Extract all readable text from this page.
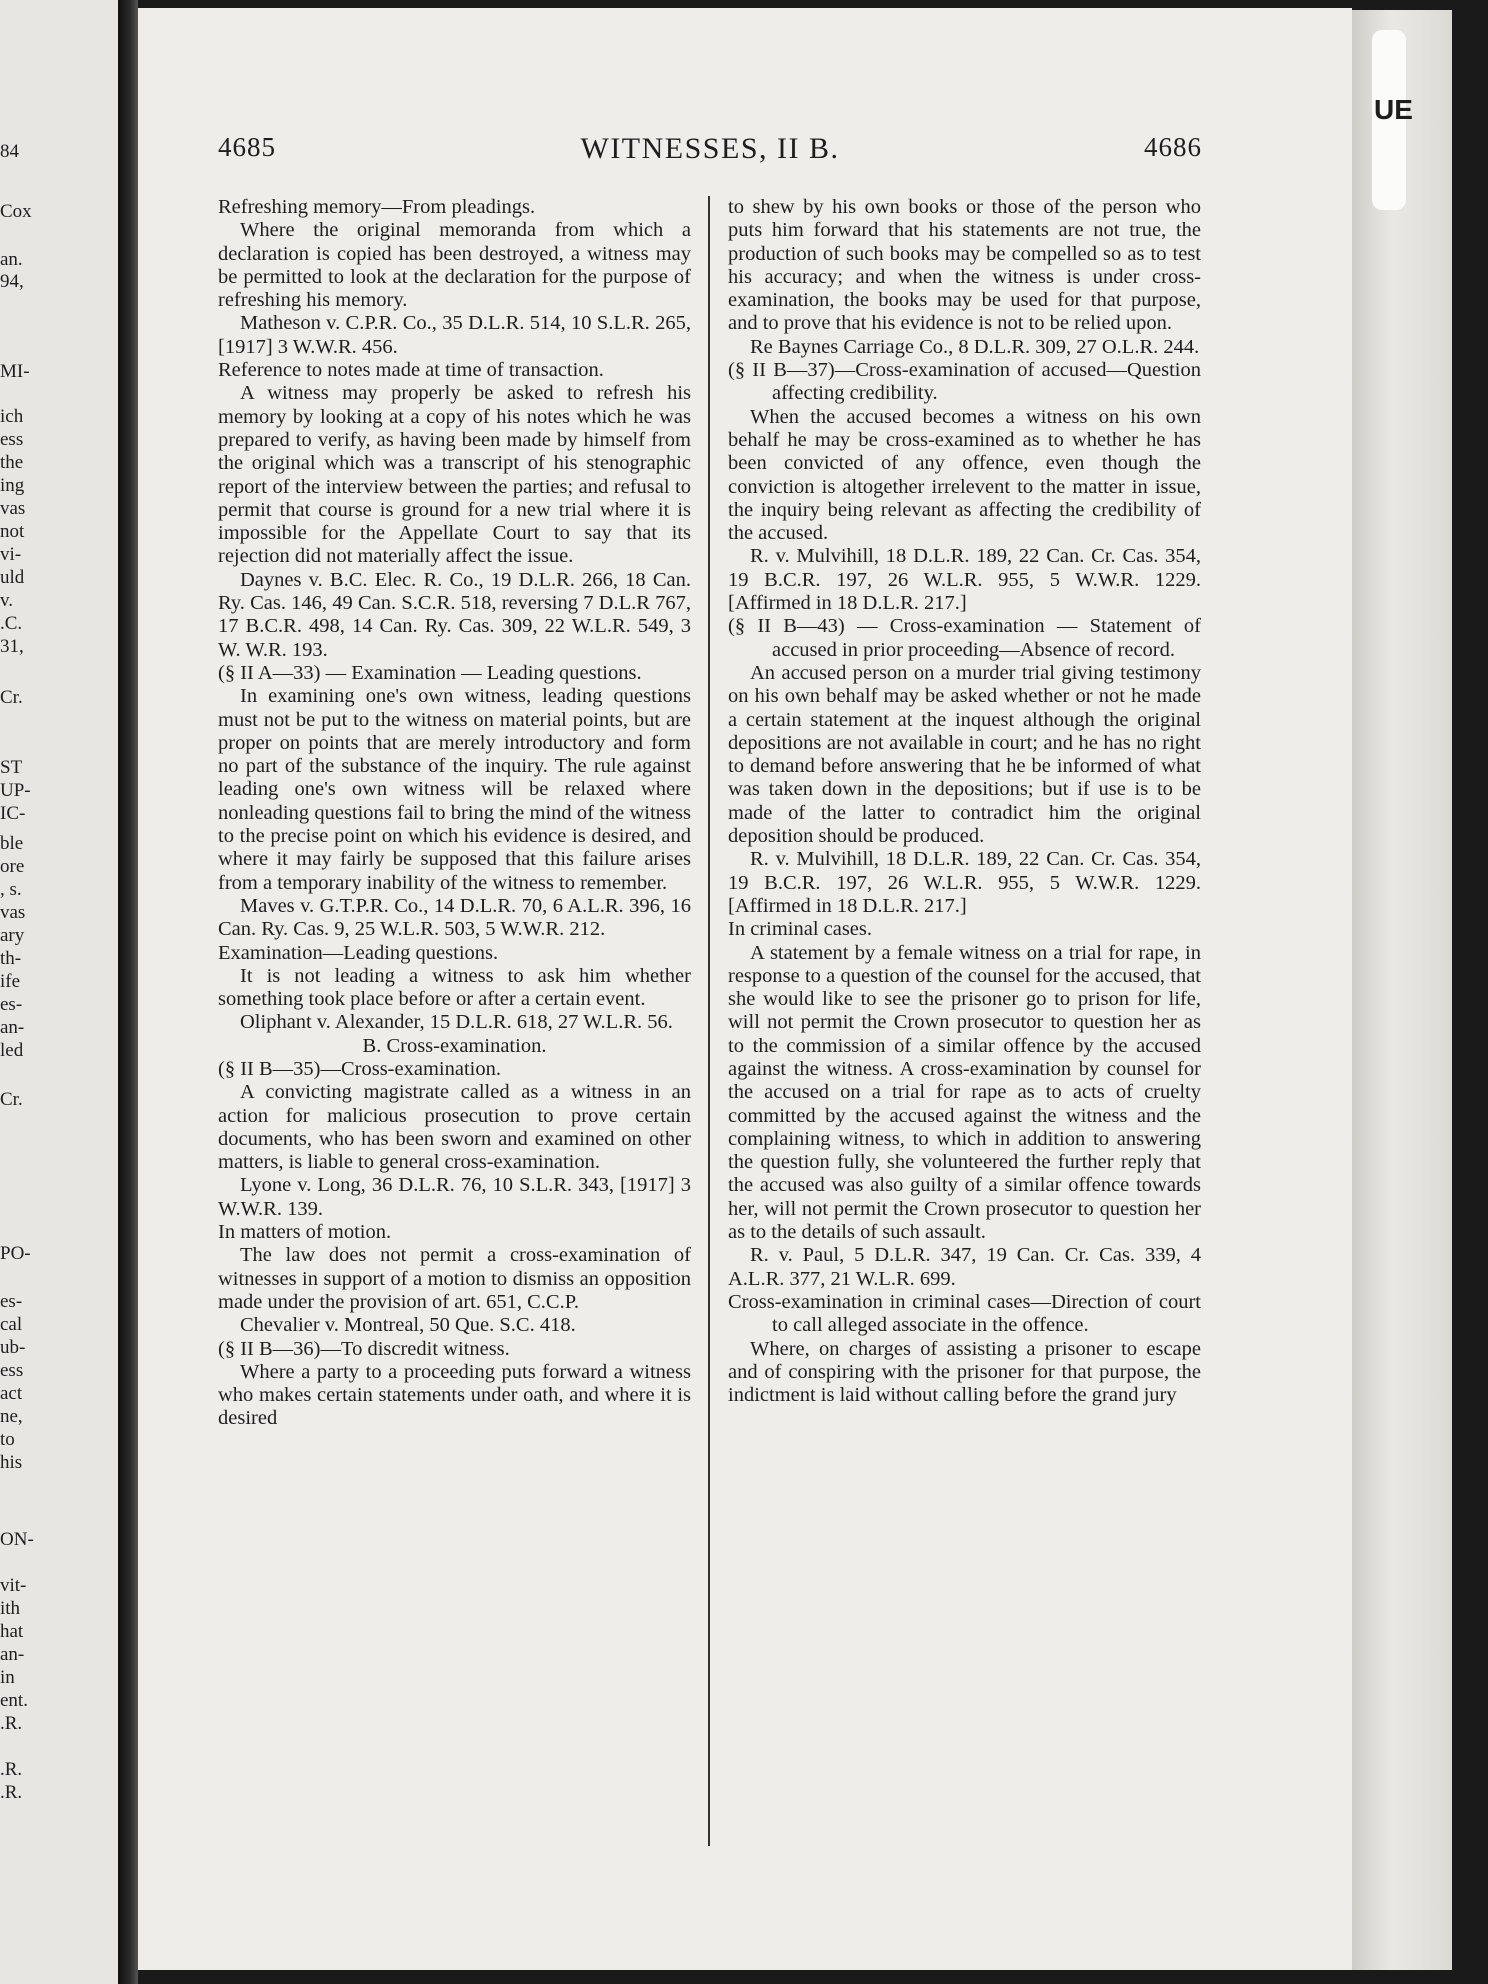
84
Cox
an.
94,
MI-
ich
ess
the
ing
vas
not
vi-
uld
v.
.C.
31,
Cr.
ST
UP-
IC-
ble
ore
, s.
vas
ary
th-
ife
es-
an-
led
Cr.
PO-
es-
cal
ub-
ess
act
ne,
to
his
ON-
vit-
ith
hat
an-
in
ent.
.R.
.R.
.R.
UE
4685	WITNESSES, II B.	4686

Refreshing memory—From pleadings.

Where the original memoranda from which a declaration is copied has been destroyed, a witness may be permitted to look at the declaration for the purpose of refreshing his memory.

Matheson v. C.P.R. Co., 35 D.L.R. 514, 10 S.L.R. 265, [1917] 3 W.W.R. 456.

Reference to notes made at time of transaction.

A witness may properly be asked to refresh his memory by looking at a copy of his notes which he was prepared to verify, as having been made by himself from the original which was a transcript of his stenographic report of the interview between the parties; and refusal to permit that course is ground for a new trial where it is impossible for the Appellate Court to say that its rejection did not materially affect the issue.

Daynes v. B.C. Elec. R. Co., 19 D.L.R. 266, 18 Can. Ry. Cas. 146, 49 Can. S.C.R. 518, reversing 7 D.L.R 767, 17 B.C.R. 498, 14 Can. Ry. Cas. 309, 22 W.L.R. 549, 3 W. W.R. 193.

(§ II A—33) — Examination — Leading questions.

In examining one's own witness, leading questions must not be put to the witness on material points, but are proper on points that are merely introductory and form no part of the substance of the inquiry. The rule against leading one's own witness will be relaxed where nonleading questions fail to bring the mind of the witness to the precise point on which his evidence is desired, and where it may fairly be supposed that this failure arises from a temporary inability of the witness to remember.

Maves v. G.T.P.R. Co., 14 D.L.R. 70, 6 A.L.R. 396, 16 Can. Ry. Cas. 9, 25 W.L.R. 503, 5 W.W.R. 212.

Examination—Leading questions.

It is not leading a witness to ask him whether something took place before or after a certain event.

Oliphant v. Alexander, 15 D.L.R. 618, 27 W.L.R. 56.

B. Cross-examination.

(§ II B—35)—Cross-examination.

A convicting magistrate called as a witness in an action for malicious prosecution to prove certain documents, who has been sworn and examined on other matters, is liable to general cross-examination.

Lyone v. Long, 36 D.L.R. 76, 10 S.L.R. 343, [1917] 3 W.W.R. 139.

In matters of motion.

The law does not permit a cross-examination of witnesses in support of a motion to dismiss an opposition made under the provision of art. 651, C.C.P.

Chevalier v. Montreal, 50 Que. S.C. 418.

(§ II B—36)—To discredit witness.

Where a party to a proceeding puts forward a witness who makes certain statements under oath, and where it is desired

to shew by his own books or those of the person who puts him forward that his statements are not true, the production of such books may be compelled so as to test his accuracy; and when the witness is under cross-examination, the books may be used for that purpose, and to prove that his evidence is not to be relied upon.

Re Baynes Carriage Co., 8 D.L.R. 309, 27 O.L.R. 244.

(§ II B—37)—Cross-examination of accused—Question affecting credibility.

When the accused becomes a witness on his own behalf he may be cross-examined as to whether he has been convicted of any offence, even though the conviction is altogether irrelevent to the matter in issue, the inquiry being relevant as affecting the credibility of the accused.

R. v. Mulvihill, 18 D.L.R. 189, 22 Can. Cr. Cas. 354, 19 B.C.R. 197, 26 W.L.R. 955, 5 W.W.R. 1229. [Affirmed in 18 D.L.R. 217.]

(§ II B—43) — Cross-examination — Statement of accused in prior proceeding—Absence of record.

An accused person on a murder trial giving testimony on his own behalf may be asked whether or not he made a certain statement at the inquest although the original depositions are not available in court; and he has no right to demand before answering that he be informed of what was taken down in the depositions; but if use is to be made of the latter to contradict him the original deposition should be produced.

R. v. Mulvihill, 18 D.L.R. 189, 22 Can. Cr. Cas. 354, 19 B.C.R. 197, 26 W.L.R. 955, 5 W.W.R. 1229. [Affirmed in 18 D.L.R. 217.]

In criminal cases.

A statement by a female witness on a trial for rape, in response to a question of the counsel for the accused, that she would like to see the prisoner go to prison for life, will not permit the Crown prosecutor to question her as to the commission of a similar offence by the accused against the witness. A cross-examination by counsel for the accused on a trial for rape as to acts of cruelty committed by the accused against the witness and the complaining witness, to which in addition to answering the question fully, she volunteered the further reply that the accused was also guilty of a similar offence towards her, will not permit the Crown prosecutor to question her as to the details of such assault.

R. v. Paul, 5 D.L.R. 347, 19 Can. Cr. Cas. 339, 4 A.L.R. 377, 21 W.L.R. 699.

Cross-examination in criminal cases—Direction of court to call alleged associate in the offence.

Where, on charges of assisting a prisoner to escape and of conspiring with the prisoner for that purpose, the indictment is laid without calling before the grand jury
